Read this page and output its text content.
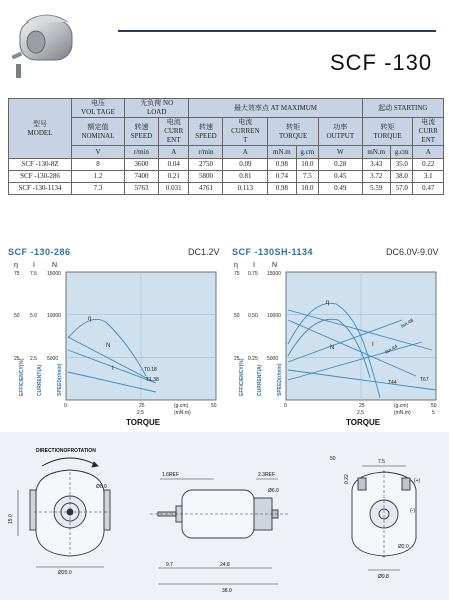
SCF -130
型号
MODEL	电压
VOL TAGE	无负荷 NO
LOAD		最大效率点 AT MAXIMUM					起动 STARTING		
	额定值
NOMINAL	转速
SPEED	电流
CURR
ENT	转速
SPEED	电流
CURREN
T	转矩
TORQUE		功率
OUTPUT	转矩
TORQUE		电流
CURR
ENT
	V	r/min	A	r/min	A	mN.m	g.cm	W	mN.m	g.cm	A
SCF -130-8Z	8	3600	0.04	2750	0.09	0.98	10.0	0.28	3.43	35.0	0.22
SCF -130-286	1.2	7400	0.21	5800	0.81	0.74	7.5	0.45	3.72	38.0	3.1
SCF -130-1134	7.3	5763	0.031	4761	0.113	0.98	10.0	0.49	5.59	57.0	0.47
SCF -130-286	DC1.2V
η I N
75
50
25
7.5
5.0
2.5
15000
10000
5000
EFFICIENCY(%) CURRENT(A)	SPEED(r/min)
η
N
I	T0.18
T1.38
0	25	50
(g.cm)
2.5	(mN.m)
TORQUE
SCF -130SH-1134	DC6.0V-9.0V
η I N
75
50
25
0.75
0.50
0.25
15000
10000
5000
EFFICIENCY(%) CURRENT(A)	SPEED(r/min)
η
N	I
Isn.48
Isn.44
T44	T67
0	25	50
(g.cm)
2.5	5
(mN.m)
TORQUE
DIRECTIONOFROTATION
Ø8.0
Ø20.0
15.0
1.6REF	2.3REF
Ø6.0
9.7	24.8
38.0
50	7.5
0.22	(+)
(-)
Ø2.0
Ø9.8
